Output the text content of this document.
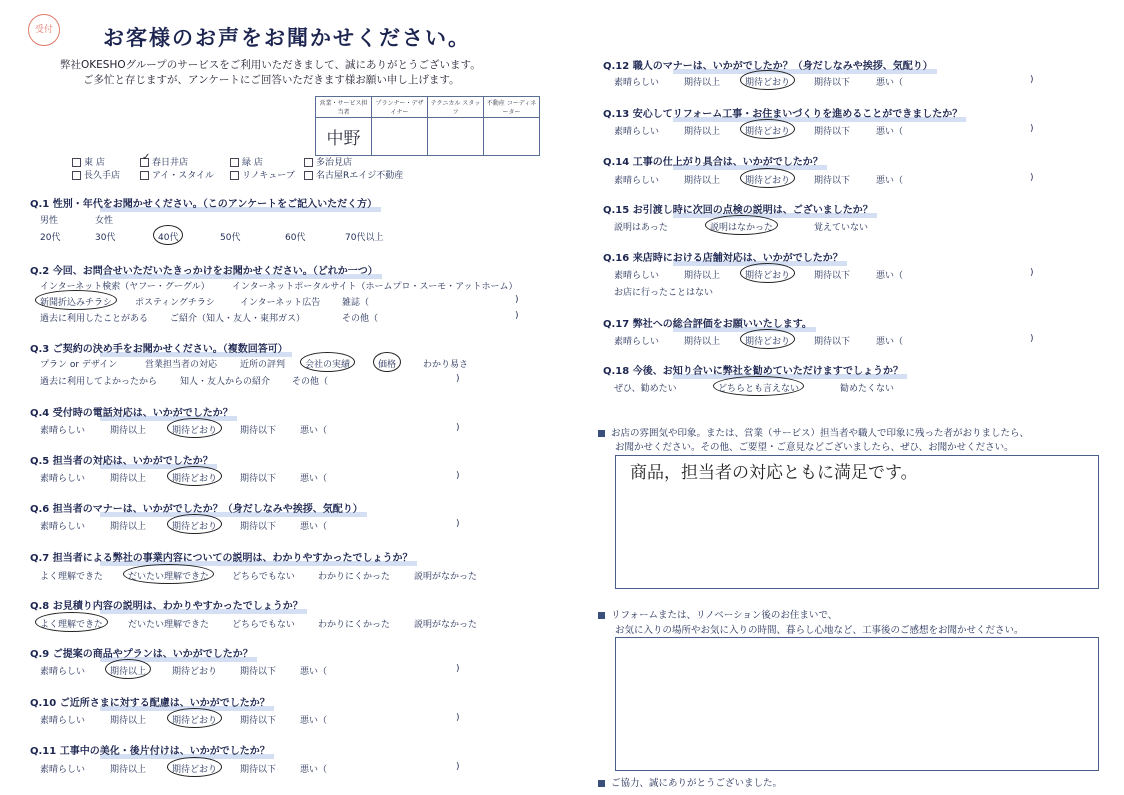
受付	お客様のお声をお聞かせください。
弊社OKESHOグループのサービスをご利用いただきまして、誠にありがとうございます。
ご多忙と存じますが、アンケートにご回答いただきます様お願い申し上げます。
営業・サービス担当者	プランナー・デザイナー	テクニカル スタッフ	不動産 コーディネーター
中野			
東 店	✓ 春日井店	緑 店	多治見店
長久手店	アイ・スタイル	リノキューブ	名古屋Rエイジ不動産
Q.1 性別・年代をお聞かせください。（このアンケートをご記入いただく方）
男性	女性
20代	30代	40代	50代	60代	70代以上
Q.2 今回、お問合せいただいたきっかけをお聞かせください。（どれか一つ）
インターネット検索（ヤフー・グーグル） インターネットポータルサイト（ホームプロ・スーモ・アットホーム）
新聞折込みチラシ	ポスティングチラシ	インターネット広告 雑誌（	)
過去に利用したことがある ご紹介（知人・友人・東邦ガス）	その他（	)
Q.3 ご契約の決め手をお聞かせください。（複数回答可）
プラン or デザイン	営業担当者の対応	近所の評判 会社の実績	価格	わかり易さ
過去に利用してよかったから	知人・友人からの紹介 その他（	)
Q.4 受付時の電話対応は、いかがでしたか？
素晴らしい	期待以上	期待どおり	期待以下	悪い（	)
Q.5 担当者の対応は、いかがでしたか？
素晴らしい	期待以上	期待どおり	期待以下	悪い（	)
Q.6 担当者のマナーは、いかがでしたか？（身だしなみや挨拶、気配り）
素晴らしい	期待以上	期待どおり	期待以下	悪い（	)
Q.7 担当者による弊社の事業内容についての説明は、わかりやすかったでしょうか？
よく理解できた	だいたい理解できた	どちらでもない	わかりにくかった	説明がなかった
Q.8 お見積り内容の説明は、わかりやすかったでしょうか？
よく理解できた	だいたい理解できた	どちらでもない	わかりにくかった	説明がなかった
Q.9 ご提案の商品やプランは、いかがでしたか？
素晴らしい	期待以上	期待どおり	期待以下	悪い（	)
Q.10 ご近所さまに対する配慮は、いかがでしたか？
素晴らしい	期待以上	期待どおり	期待以下	悪い（	)
Q.11 工事中の美化・後片付けは、いかがでしたか？
素晴らしい	期待以上	期待どおり	期待以下	悪い（	)
Q.12 職人のマナーは、いかがでしたか？（身だしなみや挨拶、気配り）
素晴らしい	期待以上	期待どおり	期待以下	悪い（	)
Q.13 安心してリフォーム工事・お住まいづくりを進めることができましたか？
素晴らしい	期待以上	期待どおり	期待以下	悪い（	)
Q.14 工事の仕上がり具合は、いかがでしたか？
素晴らしい	期待以上	期待どおり	期待以下	悪い（	)
Q.15 お引渡し時に次回の点検の説明は、ございましたか？
説明はあった	説明はなかった	覚えていない
Q.16 来店時における店舗対応は、いかがでしたか？
素晴らしい	期待以上	期待どおり	期待以下	悪い（	)
お店に行ったことはない
Q.17 弊社への総合評価をお願いいたします。
素晴らしい	期待以上	期待どおり	期待以下	悪い（	)
Q.18 今後、お知り合いに弊社を勧めていただけますでしょうか？
ぜひ、勧めたい	どちらとも言えない	勧めたくない
お店の雰囲気や印象。または、営業（サービス）担当者や職人で印象に残った者がおりましたら、
お聞かせください。その他、ご要望・ご意見などございましたら、ぜひ、お聞かせください。
商品，担当者の対応ともに満足です。
リフォームまたは、リノベーション後のお住まいで、
お気に入りの場所やお気に入りの時間、暮らし心地など、工事後のご感想をお聞かせください。
ご協力、誠にありがとうございました。
